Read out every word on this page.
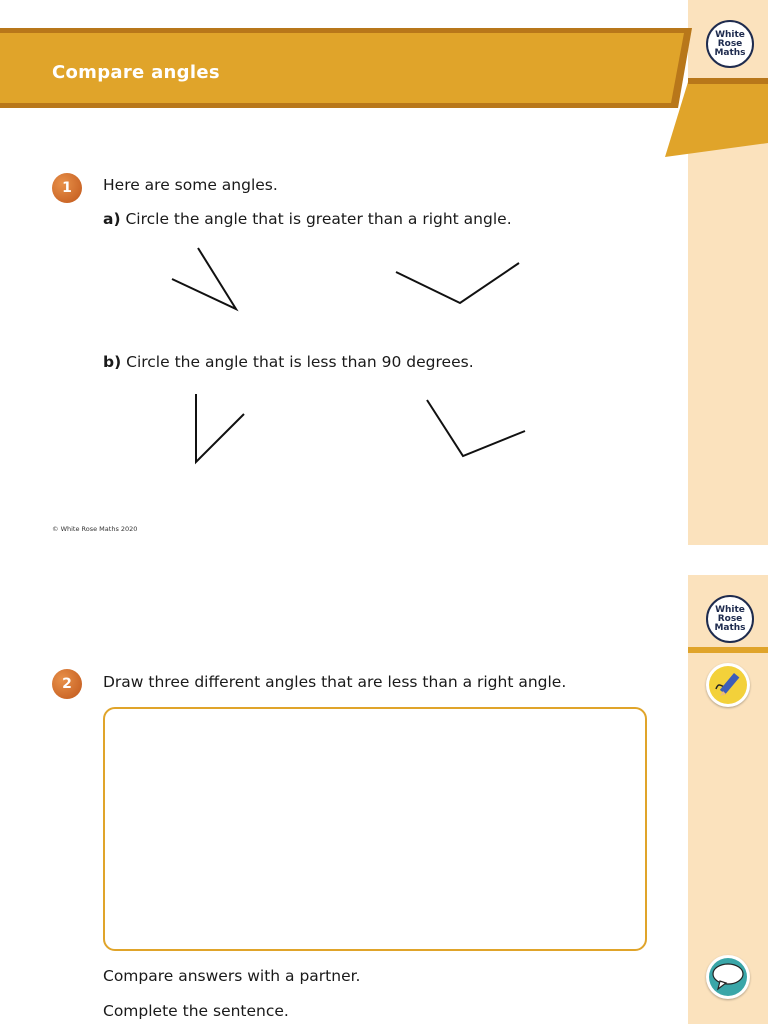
Compare angles
White
Rose
Maths
1	Here are some angles.
a) Circle the angle that is greater than a right angle.
b) Circle the angle that is less than 90 degrees.
© White Rose Maths 2020
White
Rose
Maths
2	Draw three different angles that are less than a right angle.
Compare answers with a partner.
Complete the sentence.
